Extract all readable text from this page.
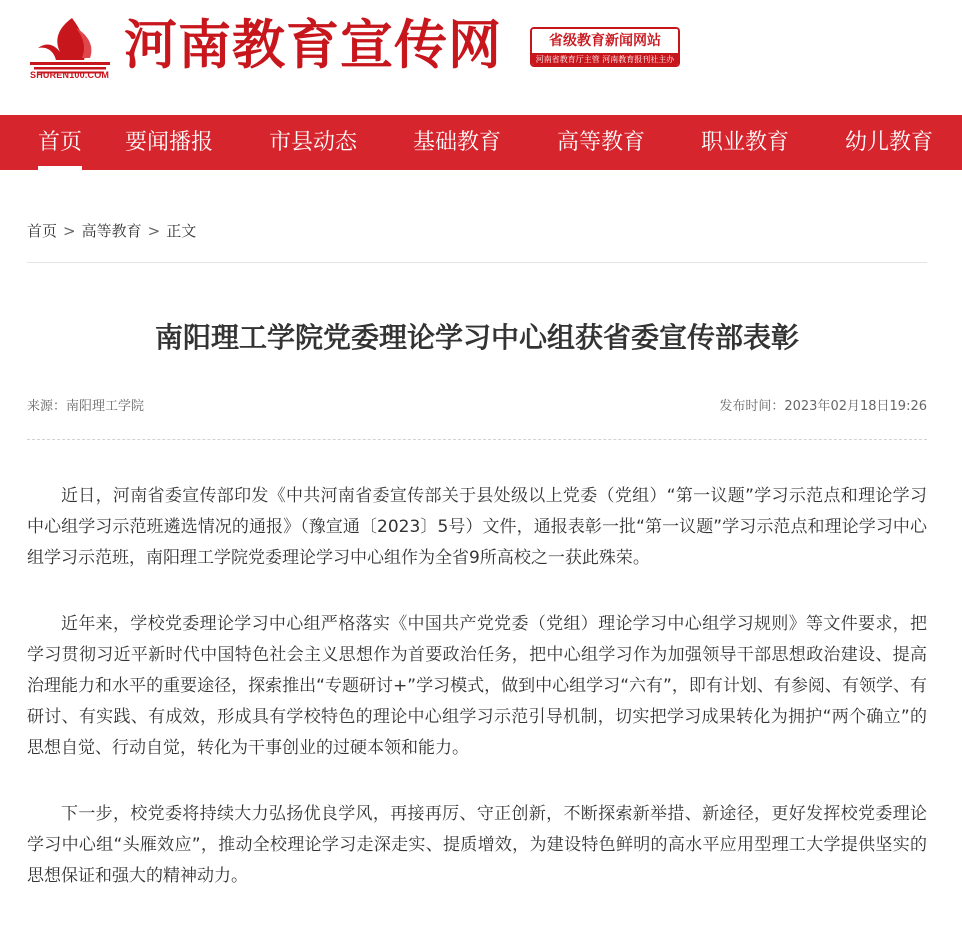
SHUREN100.COM 河南教育宣传网	省级教育新闻网站
河南省教育厅主管 河南教育报刊社主办
首页 要闻播报	市县动态	基础教育	高等教育	职业教育	幼儿教育
首页 > 高等教育 > 正文
南阳理工学院党委理论学习中心组获省委宣传部表彰
来源：南阳理工学院	发布时间：2023年02月18日19:26

近日，河南省委宣传部印发《中共河南省委宣传部关于县处级以上党委（党组）“第一议题”学习示范点和理论学习中心组学习示范班遴选情况的通报》（豫宣通〔2023〕5号）文件，通报表彰一批“第一议题”学习示范点和理论学习中心组学习示范班，南阳理工学院党委理论学习中心组作为全省9所高校之一获此殊荣。

近年来，学校党委理论学习中心组严格落实《中国共产党党委（党组）理论学习中心组学习规则》等文件要求，把学习贯彻习近平新时代中国特色社会主义思想作为首要政治任务，把中心组学习作为加强领导干部思想政治建设、提高治理能力和水平的重要途径，探索推出“专题研讨+”学习模式，做到中心组学习“六有”，即有计划、有参阅、有领学、有研讨、有实践、有成效，形成具有学校特色的理论中心组学习示范引导机制，切实把学习成果转化为拥护“两个确立”的思想自觉、行动自觉，转化为干事创业的过硬本领和能力。

下一步，校党委将持续大力弘扬优良学风，再接再厉、守正创新，不断探索新举措、新途径，更好发挥校党委理论学习中心组“头雁效应”，推动全校理论学习走深走实、提质增效，为建设特色鲜明的高水平应用型理工大学提供坚实的思想保证和强大的精神动力。
